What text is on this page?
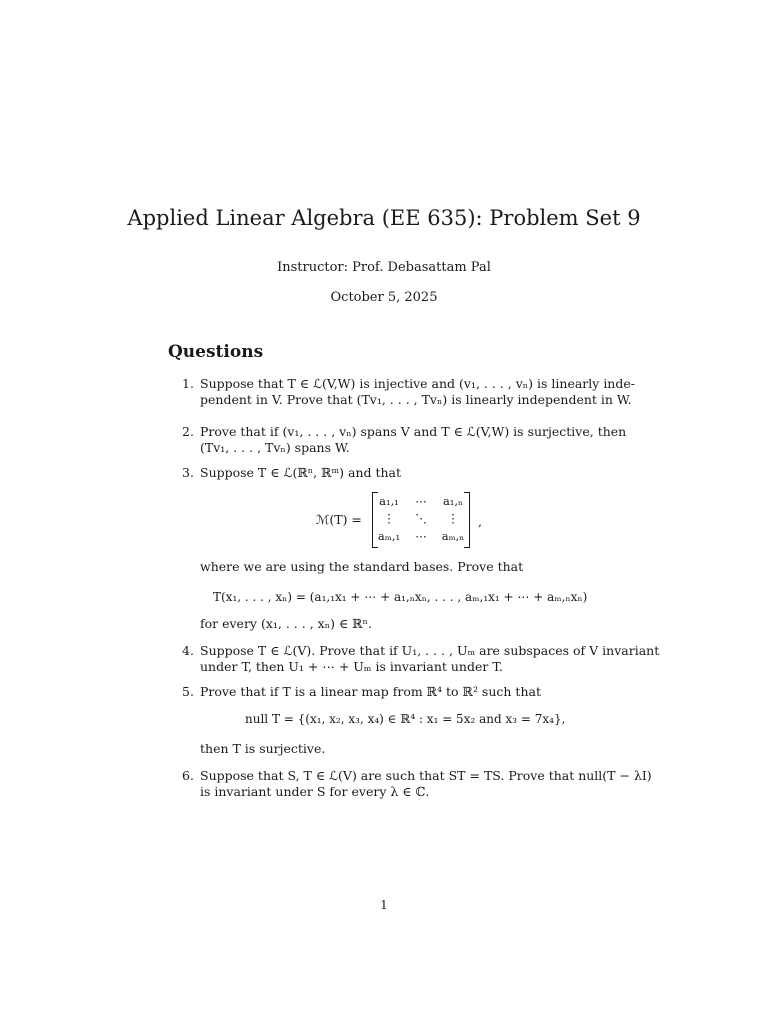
Applied Linear Algebra (EE 635): Problem Set 9
Instructor: Prof. Debasattam Pal
October 5, 2025
Questions
1. Suppose that T ∈ ℒ(V,W) is injective and (v₁, . . . , vₙ) is linearly inde-
pendent in V. Prove that (Tv₁, . . . , Tvₙ) is linearly independent in W.
2. Prove that if (v₁, . . . , vₙ) spans V and T ∈ ℒ(V,W) is surjective, then
(Tv₁, . . . , Tvₙ) spans W.
3. Suppose T ∈ ℒ(ℝⁿ, ℝᵐ) and that
ℳ(T) =
a₁,₁	⋯	a₁,ₙ
⋮	⋱	⋮
aₘ,₁	⋯	aₘ,ₙ
,
where we are using the standard bases. Prove that
T(x₁, . . . , xₙ) = (a₁,₁x₁ + ⋯ + a₁,ₙxₙ, . . . , aₘ,₁x₁ + ⋯ + aₘ,ₙxₙ)
for every (x₁, . . . , xₙ) ∈ ℝⁿ.
4. Suppose T ∈ ℒ(V). Prove that if U₁, . . . , Uₘ are subspaces of V invariant
under T, then U₁ + ⋯ + Uₘ is invariant under T.
5. Prove that if T is a linear map from ℝ⁴ to ℝ² such that
null T = {(x₁, x₂, x₃, x₄) ∈ ℝ⁴ : x₁ = 5x₂ and x₃ = 7x₄},
then T is surjective.
6. Suppose that S, T ∈ ℒ(V) are such that ST = TS. Prove that null(T − λI)
is invariant under S for every λ ∈ ℂ.
1
